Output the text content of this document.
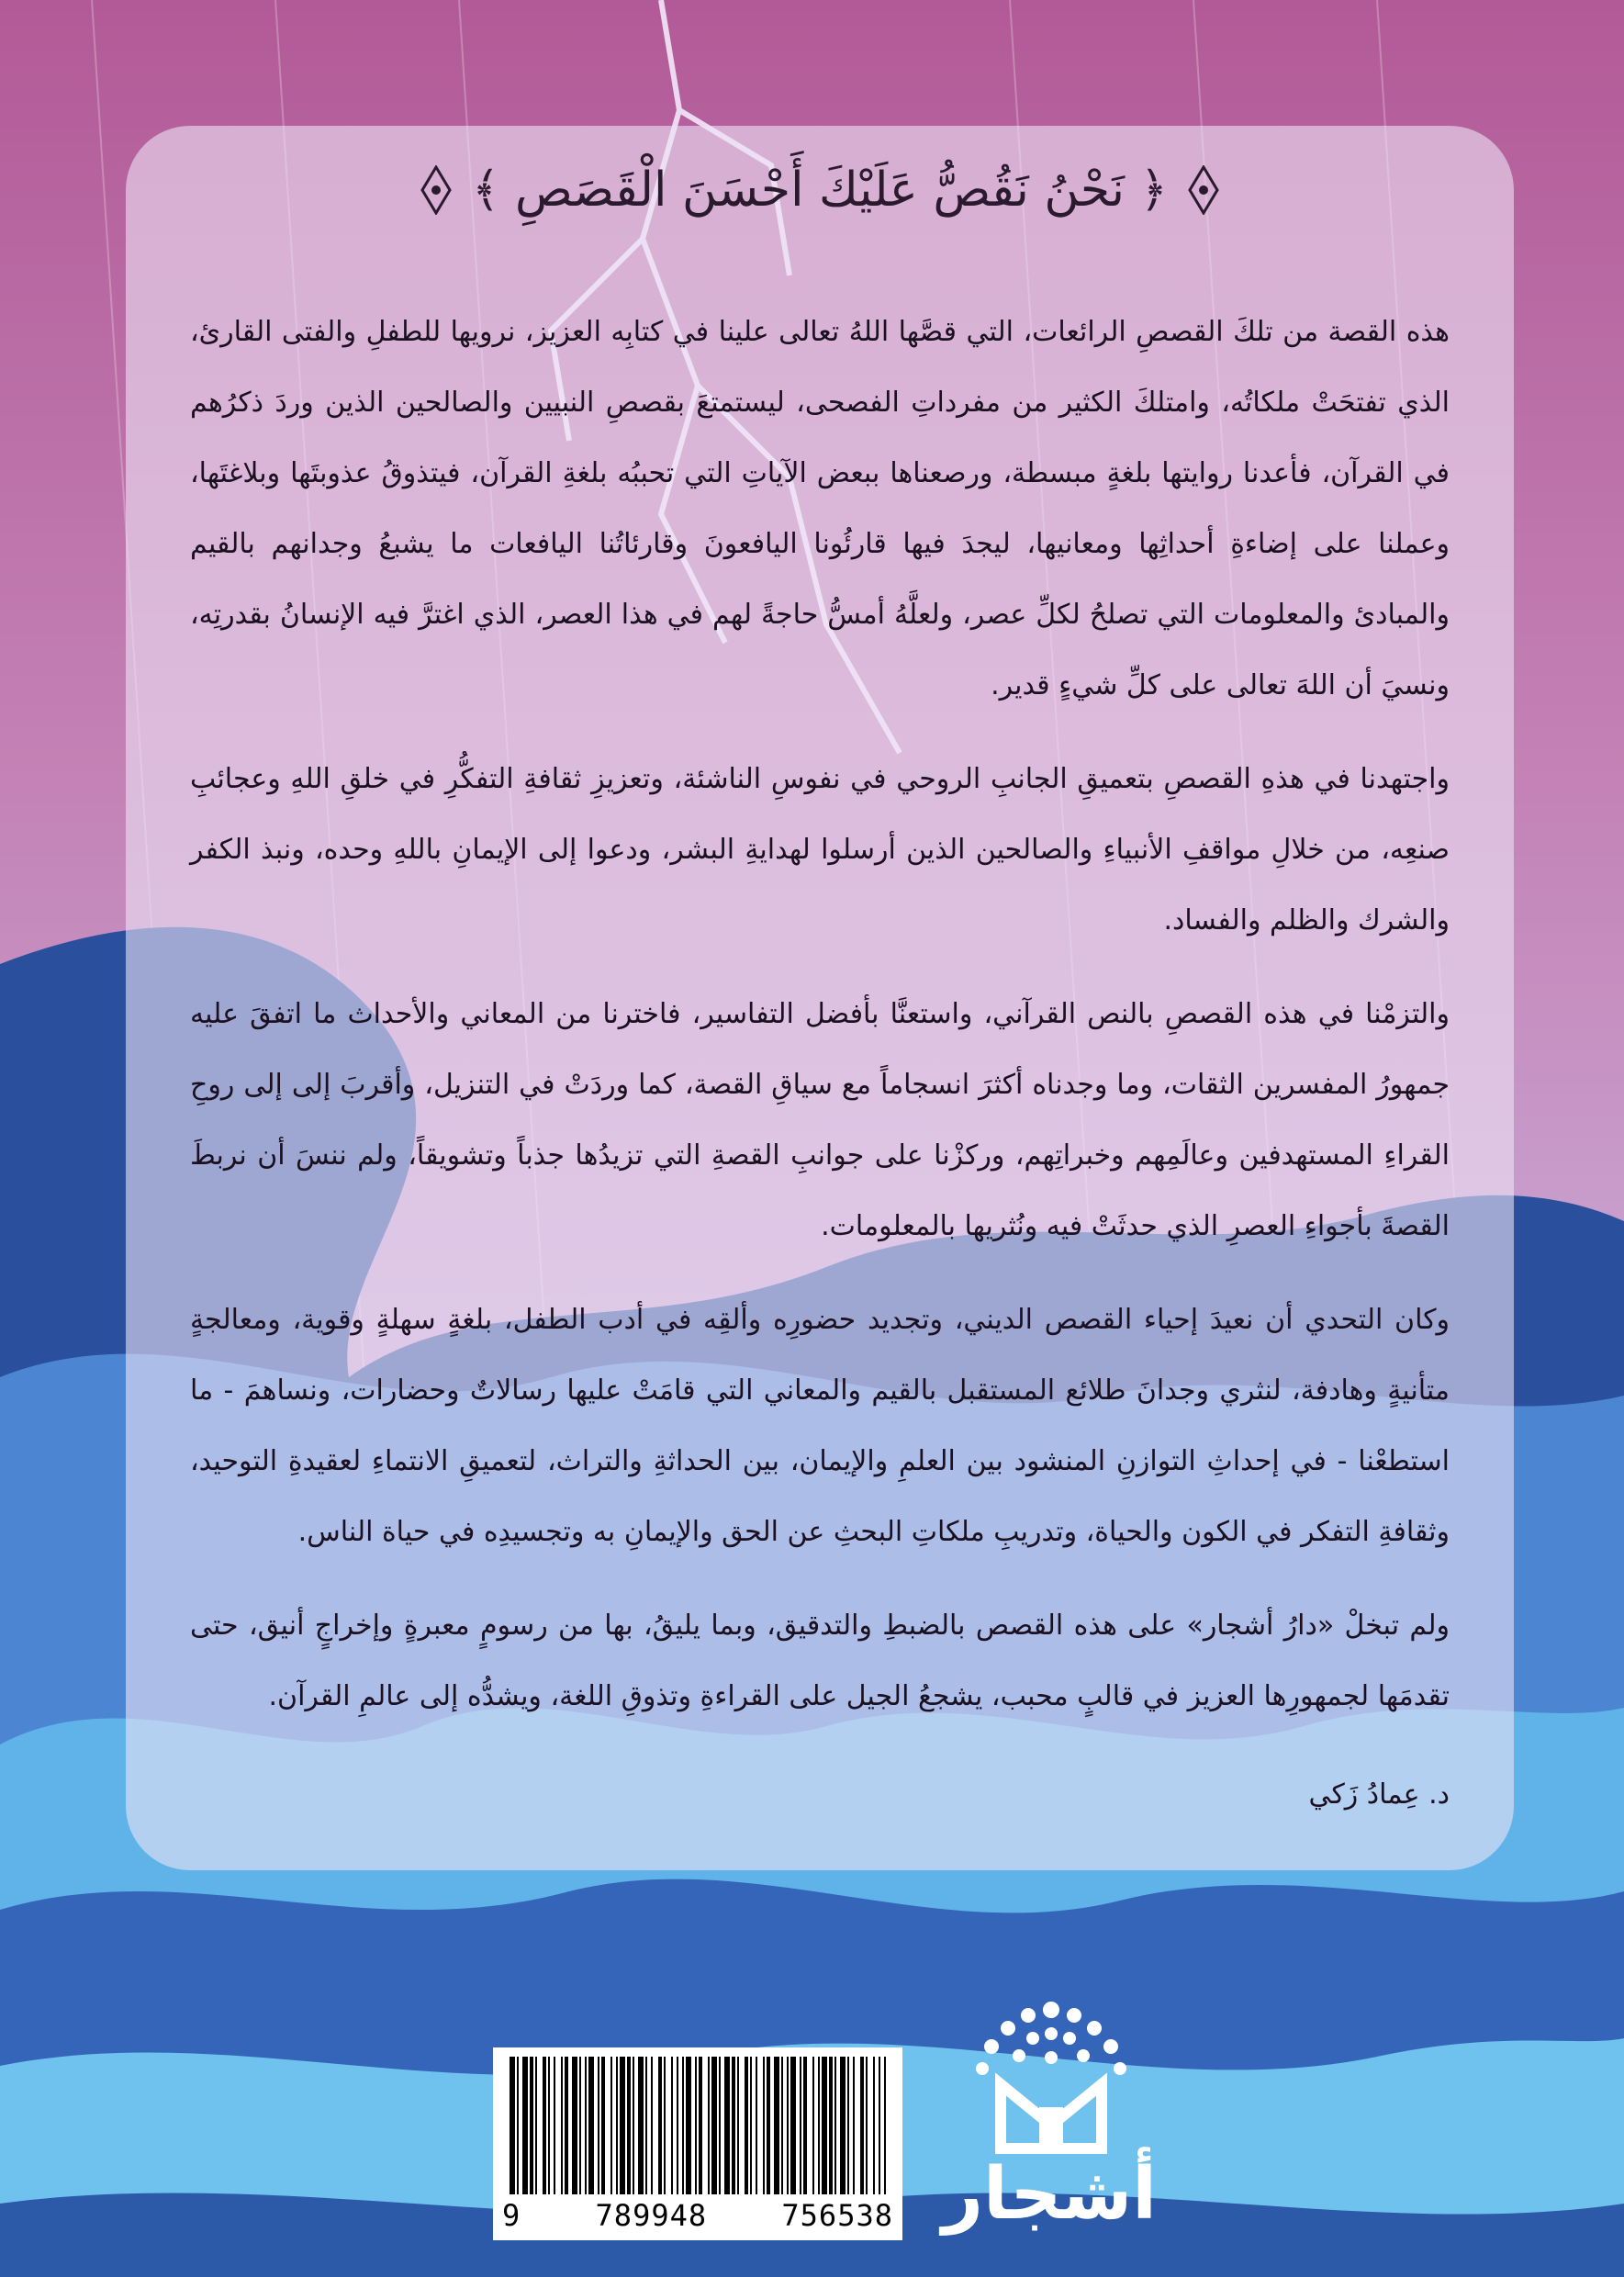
﴿ نَحْنُ نَقُصُّ عَلَيْكَ أَحْسَنَ الْقَصَصِ ﴾

هذه القصة من تلكَ القصصِ الرائعات، التي قصَّها اللهُ تعالى علينا في كتابِه العزيز، نرويها للطفلِ والفتى القارئ، الذي تفتحَتْ ملكاتُه، وامتلكَ الكثير من مفرداتِ الفصحى، ليستمتعَ بقصصِ النبيين والصالحين الذين وردَ ذكرُهم في القرآن، فأعدنا روايتها بلغةٍ مبسطة، ورصعناها ببعض الآياتِ التي تحببُه بلغةِ القرآن، فيتذوقُ عذوبتَها وبلاغتَها، وعملنا على إضاءةِ أحداثِها ومعانيها، ليجدَ فيها قارئُونا اليافعونَ وقارئاتُنا اليافعات ما يشبعُ وجدانهم بالقيم والمبادئ والمعلومات التي تصلحُ لكلِّ عصر، ولعلَّهُ أمسُّ حاجةً لهم في هذا العصر، الذي اغترَّ فيه الإنسانُ بقدرتِه، ونسيَ أن اللهَ تعالى على كلِّ شيءٍ قدير.

واجتهدنا في هذهِ القصصِ بتعميقِ الجانبِ الروحي في نفوسِ الناشئة، وتعزيزِ ثقافةِ التفكُّرِ في خلقِ اللهِ وعجائبِ صنعِه، من خلالِ مواقفِ الأنبياءِ والصالحين الذين أرسلوا لهدايةِ البشر، ودعوا إلى الإيمانِ باللهِ وحده، ونبذ الكفر والشرك والظلم والفساد.

والتزمْنا في هذه القصصِ بالنص القرآني، واستعنَّا بأفضل التفاسير، فاخترنا من المعاني والأحداث ما اتفقَ عليه جمهورُ المفسرين الثقات، وما وجدناه أكثرَ انسجاماً مع سياقِ القصة، كما وردَتْ في التنزيل، وأقربَ إلى إلى روحِ القراءِ المستهدفين وعالَمِهم وخبراتِهم، وركزْنا على جوانبِ القصةِ التي تزيدُها جذباً وتشويقاً، ولم ننسَ أن نربطَ القصةَ بأجواءِ العصرِ الذي حدثَتْ فيه ونُثريها بالمعلومات.

وكان التحدي أن نعيدَ إحياء القصص الديني، وتجديد حضورِه وألقِه في أدب الطفل، بلغةٍ سهلةٍ وقوية، ومعالجةٍ متأنيةٍ وهادفة، لنثري وجدانَ طلائع المستقبل بالقيم والمعاني التي قامَتْ عليها رسالاتٌ وحضارات، ونساهمَ - ما استطعْنا - في إحداثِ التوازنِ المنشود بين العلمِ والإيمان، بين الحداثةِ والتراث، لتعميقِ الانتماءِ لعقيدةِ التوحيد، وثقافةِ التفكر في الكون والحياة، وتدريبِ ملكاتِ البحثِ عن الحق والإيمانِ به وتجسيدِه في حياة الناس.

ولم تبخلْ «دارُ أشجار» على هذه القصص بالضبطِ والتدقيق، وبما يليقُ، بها من رسومٍ معبرةٍ وإخراجٍ أنيق، حتى تقدمَها لجمهورِها العزيز في قالبٍ محبب، يشجعُ الجيل على القراءةِ وتذوقِ اللغة، ويشدُّه إلى عالمِ القرآن.

د. عِمادُ زَكي

9	789948	756538 أشجار
